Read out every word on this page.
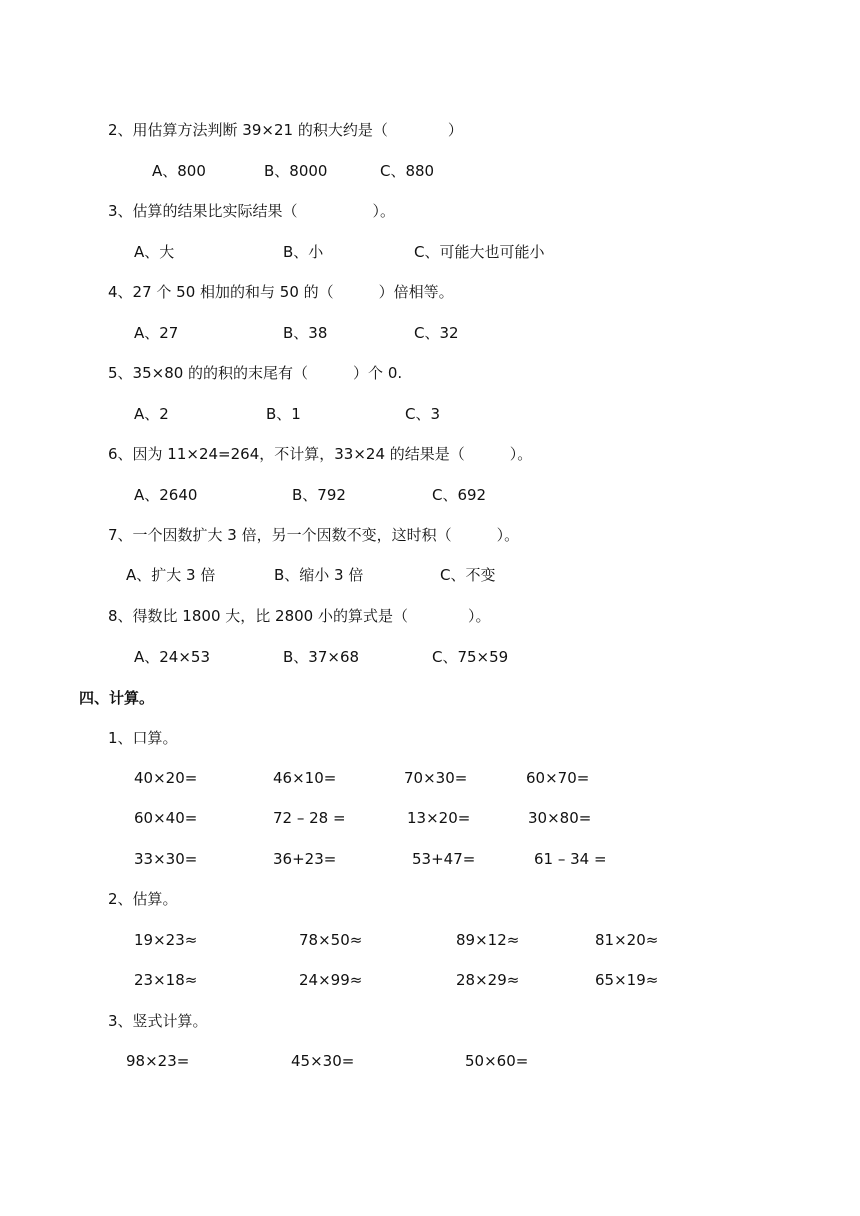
2、用估算方法判断 39×21 的积大约是（　　　　）
A、800	B、8000	C、880
3、估算的结果比实际结果（　　　　　）。
A、大	B、小	C、可能大也可能小
4、27 个 50 相加的和与 50 的（　　　）倍相等。
A、27	B、38	C、32
5、35×80 的的积的末尾有（　　　）个 0.
A、2	B、1	C、3
6、因为 11×24=264，不计算，33×24 的结果是（　　　）。
A、2640	B、792	C、692
7、一个因数扩大 3 倍，另一个因数不变，这时积（　　　）。
A、扩大 3 倍	B、缩小 3 倍	C、不变
8、得数比 1800 大，比 2800 小的算式是（　　　　）。
A、24×53	B、37×68	C、75×59
四、计算。
1、口算。
40×20=	46×10=	70×30=	60×70=
60×40=	72 – 28 =	13×20=	30×80=
33×30=	36+23=	53+47=	61 – 34 =
2、估算。
19×23≈	78×50≈	89×12≈	81×20≈
23×18≈	24×99≈	28×29≈	65×19≈
3、竖式计算。
98×23=	45×30=	50×60=
